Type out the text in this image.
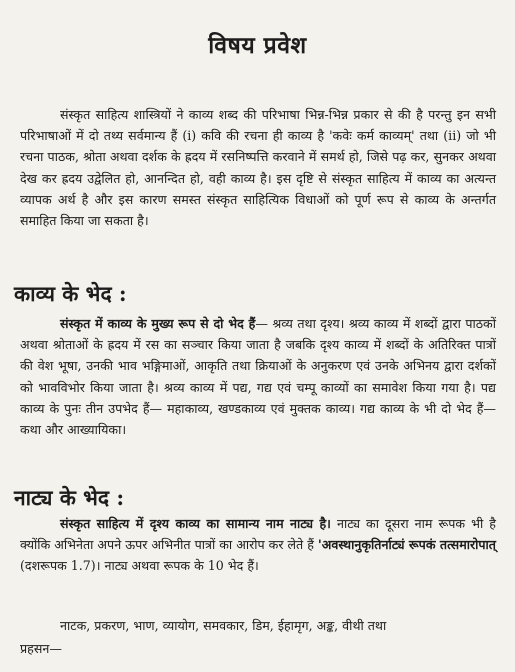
विषय प्रवेश
संस्कृत साहित्य शास्त्रियों ने काव्य शब्द की परिभाषा भिन्न-भिन्न प्रकार से की है परन्तु इन सभी परिभाषाओं में दो तथ्य सर्वमान्य हैं (i) कवि की रचना ही काव्य है 'कवेः कर्म काव्यम्' तथा (ii) जो भी रचना पाठक, श्रोता अथवा दर्शक के ह्रदय में रसनिष्पत्ति करवाने में समर्थ हो, जिसे पढ़ कर, सुनकर अथवा देख कर ह्रदय उद्वेलित हो, आनन्दित हो, वही काव्य है। इस दृष्टि से संस्कृत साहित्य में काव्य का अत्यन्त व्यापक अर्थ है और इस कारण समस्त संस्कृत साहित्यिक विधाओं को पूर्ण रूप से काव्य के अन्तर्गत समाहित किया जा सकता है।
काव्य के भेद :
संस्कृत में काव्य के मुख्य रूप से दो भेद हैं— श्रव्य तथा दृश्य। श्रव्य काव्य में शब्दों द्वारा पाठकों अथवा श्रोताओं के ह्रदय में रस का सञ्चार किया जाता है जबकि दृश्य काव्य में शब्दों के अतिरिक्त पात्रों की वेश भूषा, उनकी भाव भङ्गिमाओं, आकृति तथा क्रियाओं के अनुकरण एवं उनके अभिनय द्वारा दर्शकों को भावविभोर किया जाता है। श्रव्य काव्य में पद्य, गद्य एवं चम्पू काव्यों का समावेश किया गया है। पद्य काव्य के पुनः तीन उपभेद हैं— महाकाव्य, खण्डकाव्य एवं मुक्तक काव्य। गद्य काव्य के भी दो भेद हैं— कथा और आख्यायिका।
नाट्य के भेद :
संस्कृत साहित्य में दृश्य काव्य का सामान्य नाम नाट्य है। नाट्य का दूसरा नाम रूपक भी है क्योंकि अभिनेता अपने ऊपर अभिनीत पात्रों का आरोप कर लेते हैं 'अवस्थानुकृतिर्नाट्यं रूपकं तत्समारोपात् (दशरूपक 1.7)। नाट्य अथवा रूपक के 10 भेद हैं।
नाटक, प्रकरण, भाण, व्यायोग, समवकार, डिम, ईहामृग, अङ्क, वीथी तथा
प्रहसन—
